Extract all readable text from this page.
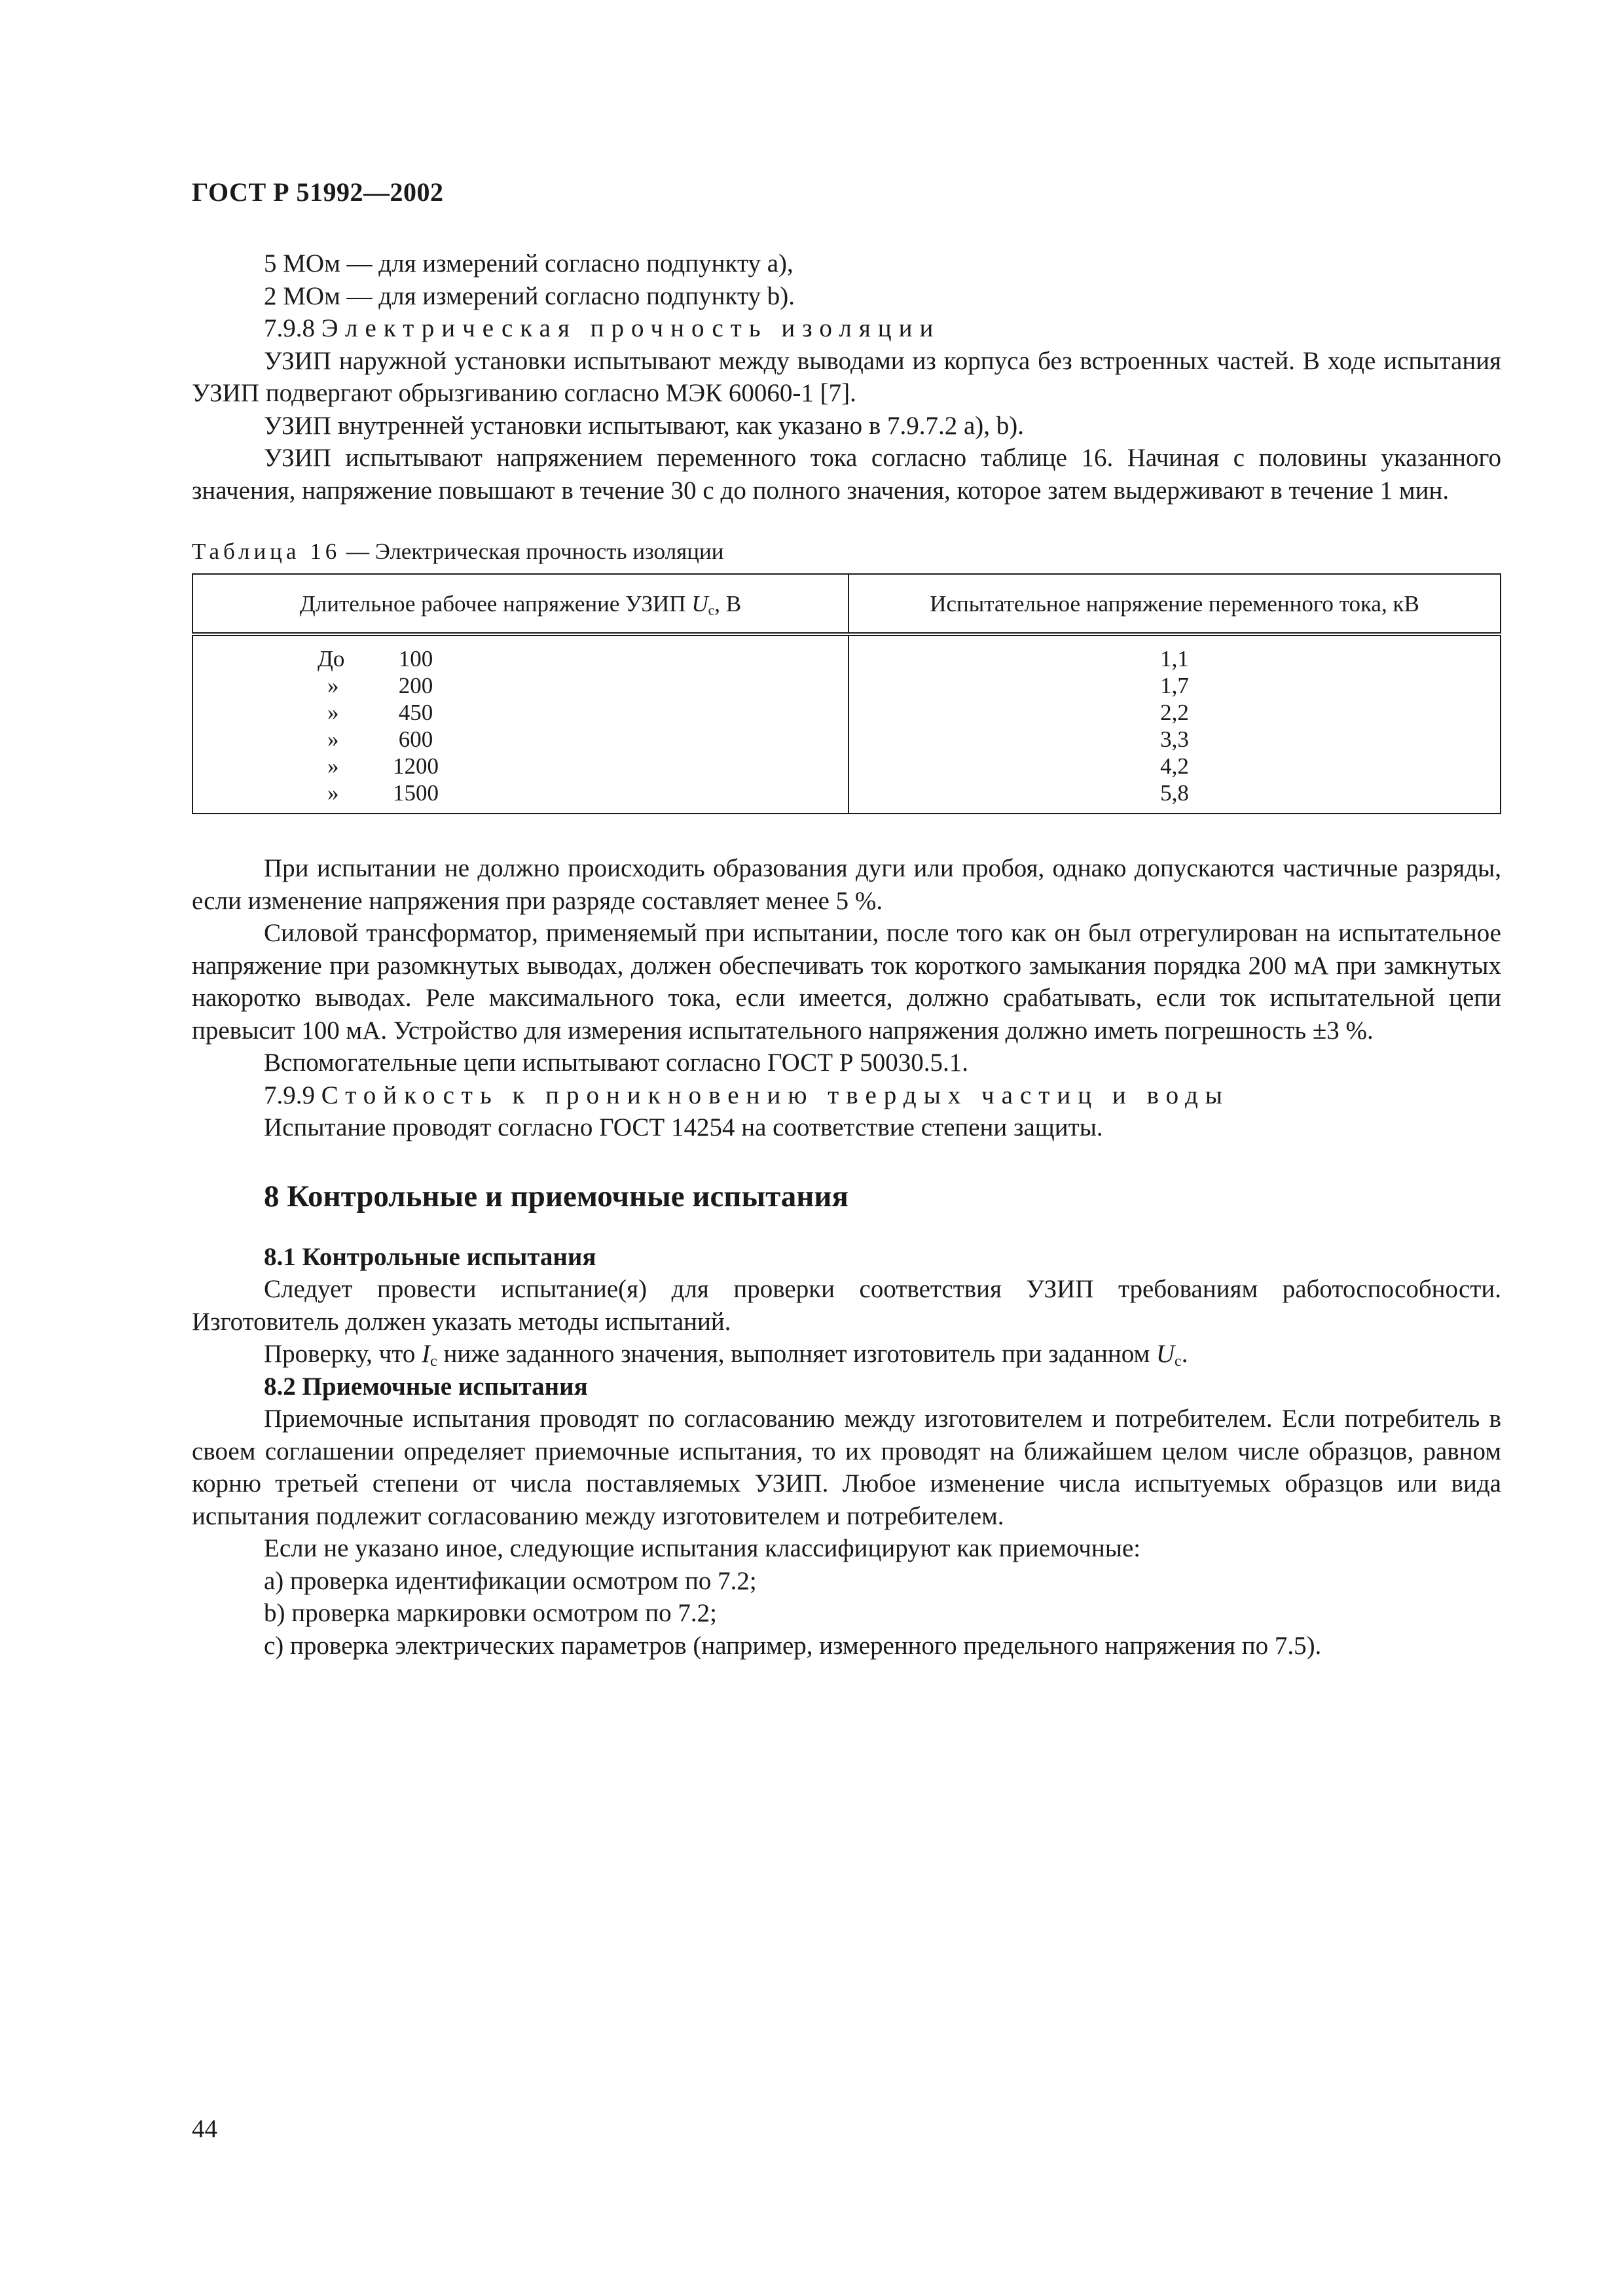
ГОСТ Р 51992—2002

5 МОм — для измерений согласно подпункту a),

2 МОм — для измерений согласно подпункту b).

7.9.8 Электрическая прочность изоляции

УЗИП наружной установки испытывают между выводами из корпуса без встроенных частей. В ходе испытания УЗИП подвергают обрызгиванию согласно МЭК 60060-1 [7].

УЗИП внутренней установки испытывают, как указано в 7.9.7.2 a), b).

УЗИП испытывают напряжением переменного тока согласно таблице 16. Начиная с половины указанного значения, напряжение повышают в течение 30 с до полного значения, которое затем выдерживают в течение 1 мин.

Таблица 16 — Электрическая прочность изоляции
Длительное рабочее напряжение УЗИП $U_c$, В	Испытательное напряжение переменного тока, кВ
До 100	1,1
» 200	1,7
» 450	2,2
» 600	3,3
» 1200	4,2
» 1500	5,8

При испытании не должно происходить образования дуги или пробоя, однако допускаются частичные разряды, если изменение напряжения при разряде составляет менее 5 %.

Силовой трансформатор, применяемый при испытании, после того как он был отрегулирован на испытательное напряжение при разомкнутых выводах, должен обеспечивать ток короткого замыкания порядка 200 мА при замкнутых накоротко выводах. Реле максимального тока, если имеется, должно срабатывать, если ток испытательной цепи превысит 100 мА. Устройство для измерения испытательного напряжения должно иметь погрешность ±3 %.

Вспомогательные цепи испытывают согласно ГОСТ Р 50030.5.1.

7.9.9 Стойкость к проникновению твердых частиц и воды

Испытание проводят согласно ГОСТ 14254 на соответствие степени защиты.

8 Контрольные и приемочные испытания

8.1 Контрольные испытания

Следует провести испытание(я) для проверки соответствия УЗИП требованиям работоспособности. Изготовитель должен указать методы испытаний.

Проверку, что $I_c$ ниже заданного значения, выполняет изготовитель при заданном $U_c$.

8.2 Приемочные испытания

Приемочные испытания проводят по согласованию между изготовителем и потребителем. Если потребитель в своем соглашении определяет приемочные испытания, то их проводят на ближайшем целом числе образцов, равном корню третьей степени от числа поставляемых УЗИП. Любое изменение числа испытуемых образцов или вида испытания подлежит согласованию между изготовителем и потребителем.

Если не указано иное, следующие испытания классифицируют как приемочные:

a) проверка идентификации осмотром по 7.2;

b) проверка маркировки осмотром по 7.2;

c) проверка электрических параметров (например, измеренного предельного напряжения по 7.5).

44
